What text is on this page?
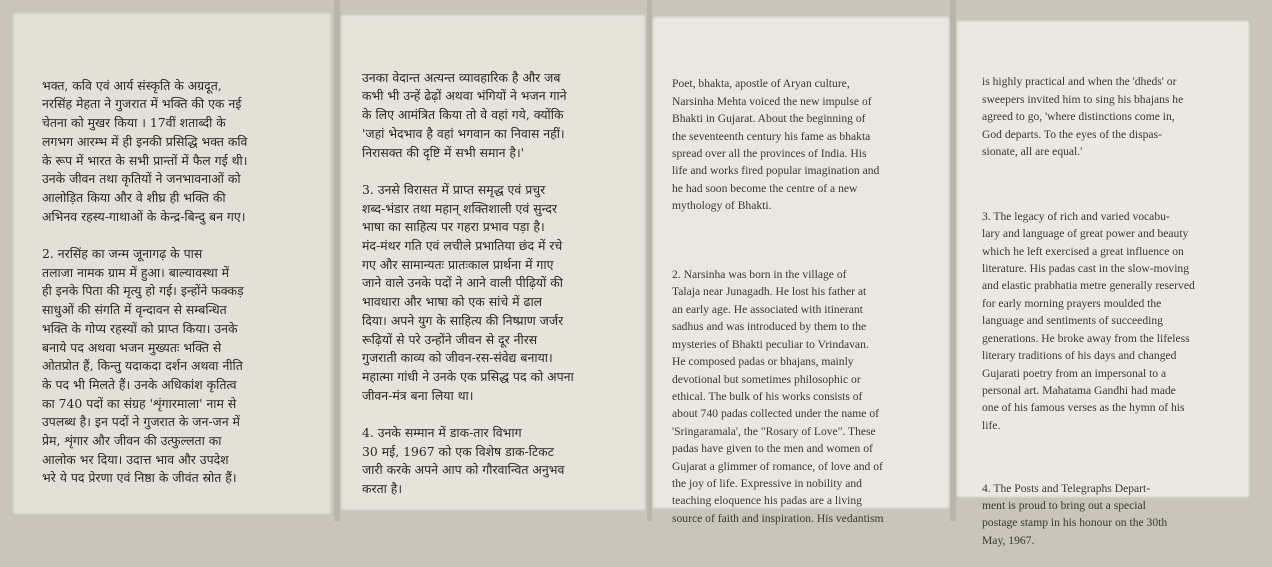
भक्त, कवि एवं आर्य संस्कृति के अग्रदूत,
नरसिंह मेहता ने गुजरात में भक्ति की एक नई
चेतना को मुखर किया । 17वीं शताब्दी के
लगभग आरम्भ में ही इनकी प्रसिद्धि भक्त कवि
के रूप में भारत के सभी प्रान्तों में फैल गई थी।
उनके जीवन तथा कृतियों ने जनभावनाओं को
आलोड़ित किया और वे शीघ्र ही भक्ति की
अभिनव रहस्य-गाथाओं के केन्द्र-बिन्दु बन गए।

2. नरसिंह का जन्म जूनागढ़ के पास
तलाजा नामक ग्राम में हुआ। बाल्यावस्था में
ही इनके पिता की मृत्यु हो गई। इन्होंने फक्कड़
साधुओं की संगति में वृन्दावन से सम्बन्धित
भक्ति के गोप्य रहस्यों को प्राप्त किया। उनके
बनाये पद अथवा भजन मुख्यतः भक्ति से
ओतप्रोत हैं, किन्तु यदाकदा दर्शन अथवा नीति
के पद भी मिलते हैं। उनके अधिकांश कृतित्व
का 740 पदों का संग्रह 'शृंगारमाला' नाम से
उपलब्ध है। इन पदों ने गुजरात के जन-जन में
प्रेम, शृंगार और जीवन की उत्फुल्लता का
आलोक भर दिया। उदात्त भाव और उपदेश
भरे ये पद प्रेरणा एवं निष्ठा के जीवंत स्रोत हैं।

उनका वेदान्त अत्यन्त व्यावहारिक है और जब
कभी भी उन्हें ढेढ़ों अथवा भंगियों ने भजन गाने
के लिए आमंत्रित किया तो वे वहां गये, क्योंकि
'जहां भेदभाव है वहां भगवान का निवास नहीं।
निरासक्त की दृष्टि में सभी समान है।'

3. उनसे विरासत में प्राप्त समृद्ध एवं प्रचुर
शब्द-भंडार तथा महान् शक्तिशाली एवं सुन्दर
भाषा का साहित्य पर गहरा प्रभाव पड़ा है।
मंद-मंथर गति एवं लचीले प्रभातिया छंद में रचे
गए और सामान्यतः प्रातःकाल प्रार्थना में गाए
जाने वाले उनके पदों ने आने वाली पीढ़ियों की
भावधारा और भाषा को एक सांचे में ढाल
दिया। अपने युग के साहित्य की निष्प्राण जर्जर
रूढ़ियों से परे उन्होंने जीवन से दूर नीरस
गुजराती काव्य को जीवन-रस-संवेद्य बनाया।
महात्मा गांधी ने उनके एक प्रसिद्ध पद को अपना
जीवन-मंत्र बना लिया था।

4. उनके सम्मान में डाक-तार विभाग
30 मई, 1967 को एक विशेष डाक-टिकट
जारी करके अपने आप को गौरवान्वित अनुभव
करता है।

Poet, bhakta, apostle of Aryan culture,
Narsinha Mehta voiced the new impulse of
Bhakti in Gujarat. About the beginning of
the seventeenth century his fame as bhakta
spread over all the provinces of India. His
life and works fired popular imagination and
he had soon become the centre of a new
mythology of Bhakti.

2. Narsinha was born in the village of
Talaja near Junagadh. He lost his father at
an early age. He associated with itinerant
sadhus and was introduced by them to the
mysteries of Bhakti peculiar to Vrindavan.
He composed padas or bhajans, mainly
devotional but sometimes philosophic or
ethical. The bulk of his works consists of
about 740 padas collected under the name of
'Sringaramala', the "Rosary of Love". These
padas have given to the men and women of
Gujarat a glimmer of romance, of love and of
the joy of life. Expressive in nobility and
teaching eloquence his padas are a living
source of faith and inspiration. His vedantism

is highly practical and when the 'dheds' or
sweepers invited him to sing his bhajans he
agreed to go, 'where distinctions come in,
God departs. To the eyes of the dispas-
sionate, all are equal.'

3. The legacy of rich and varied vocabu-
lary and language of great power and beauty
which he left exercised a great influence on
literature. His padas cast in the slow-moving
and elastic prabhatia metre generally reserved
for early morning prayers moulded the
language and sentiments of succeeding
generations. He broke away from the lifeless
literary traditions of his days and changed
Gujarati poetry from an impersonal to a
personal art. Mahatama Gandhi had made
one of his famous verses as the hymn of his
life.

4. The Posts and Telegraphs Depart-
ment is proud to bring out a special
postage stamp in his honour on the 30th
May, 1967.
